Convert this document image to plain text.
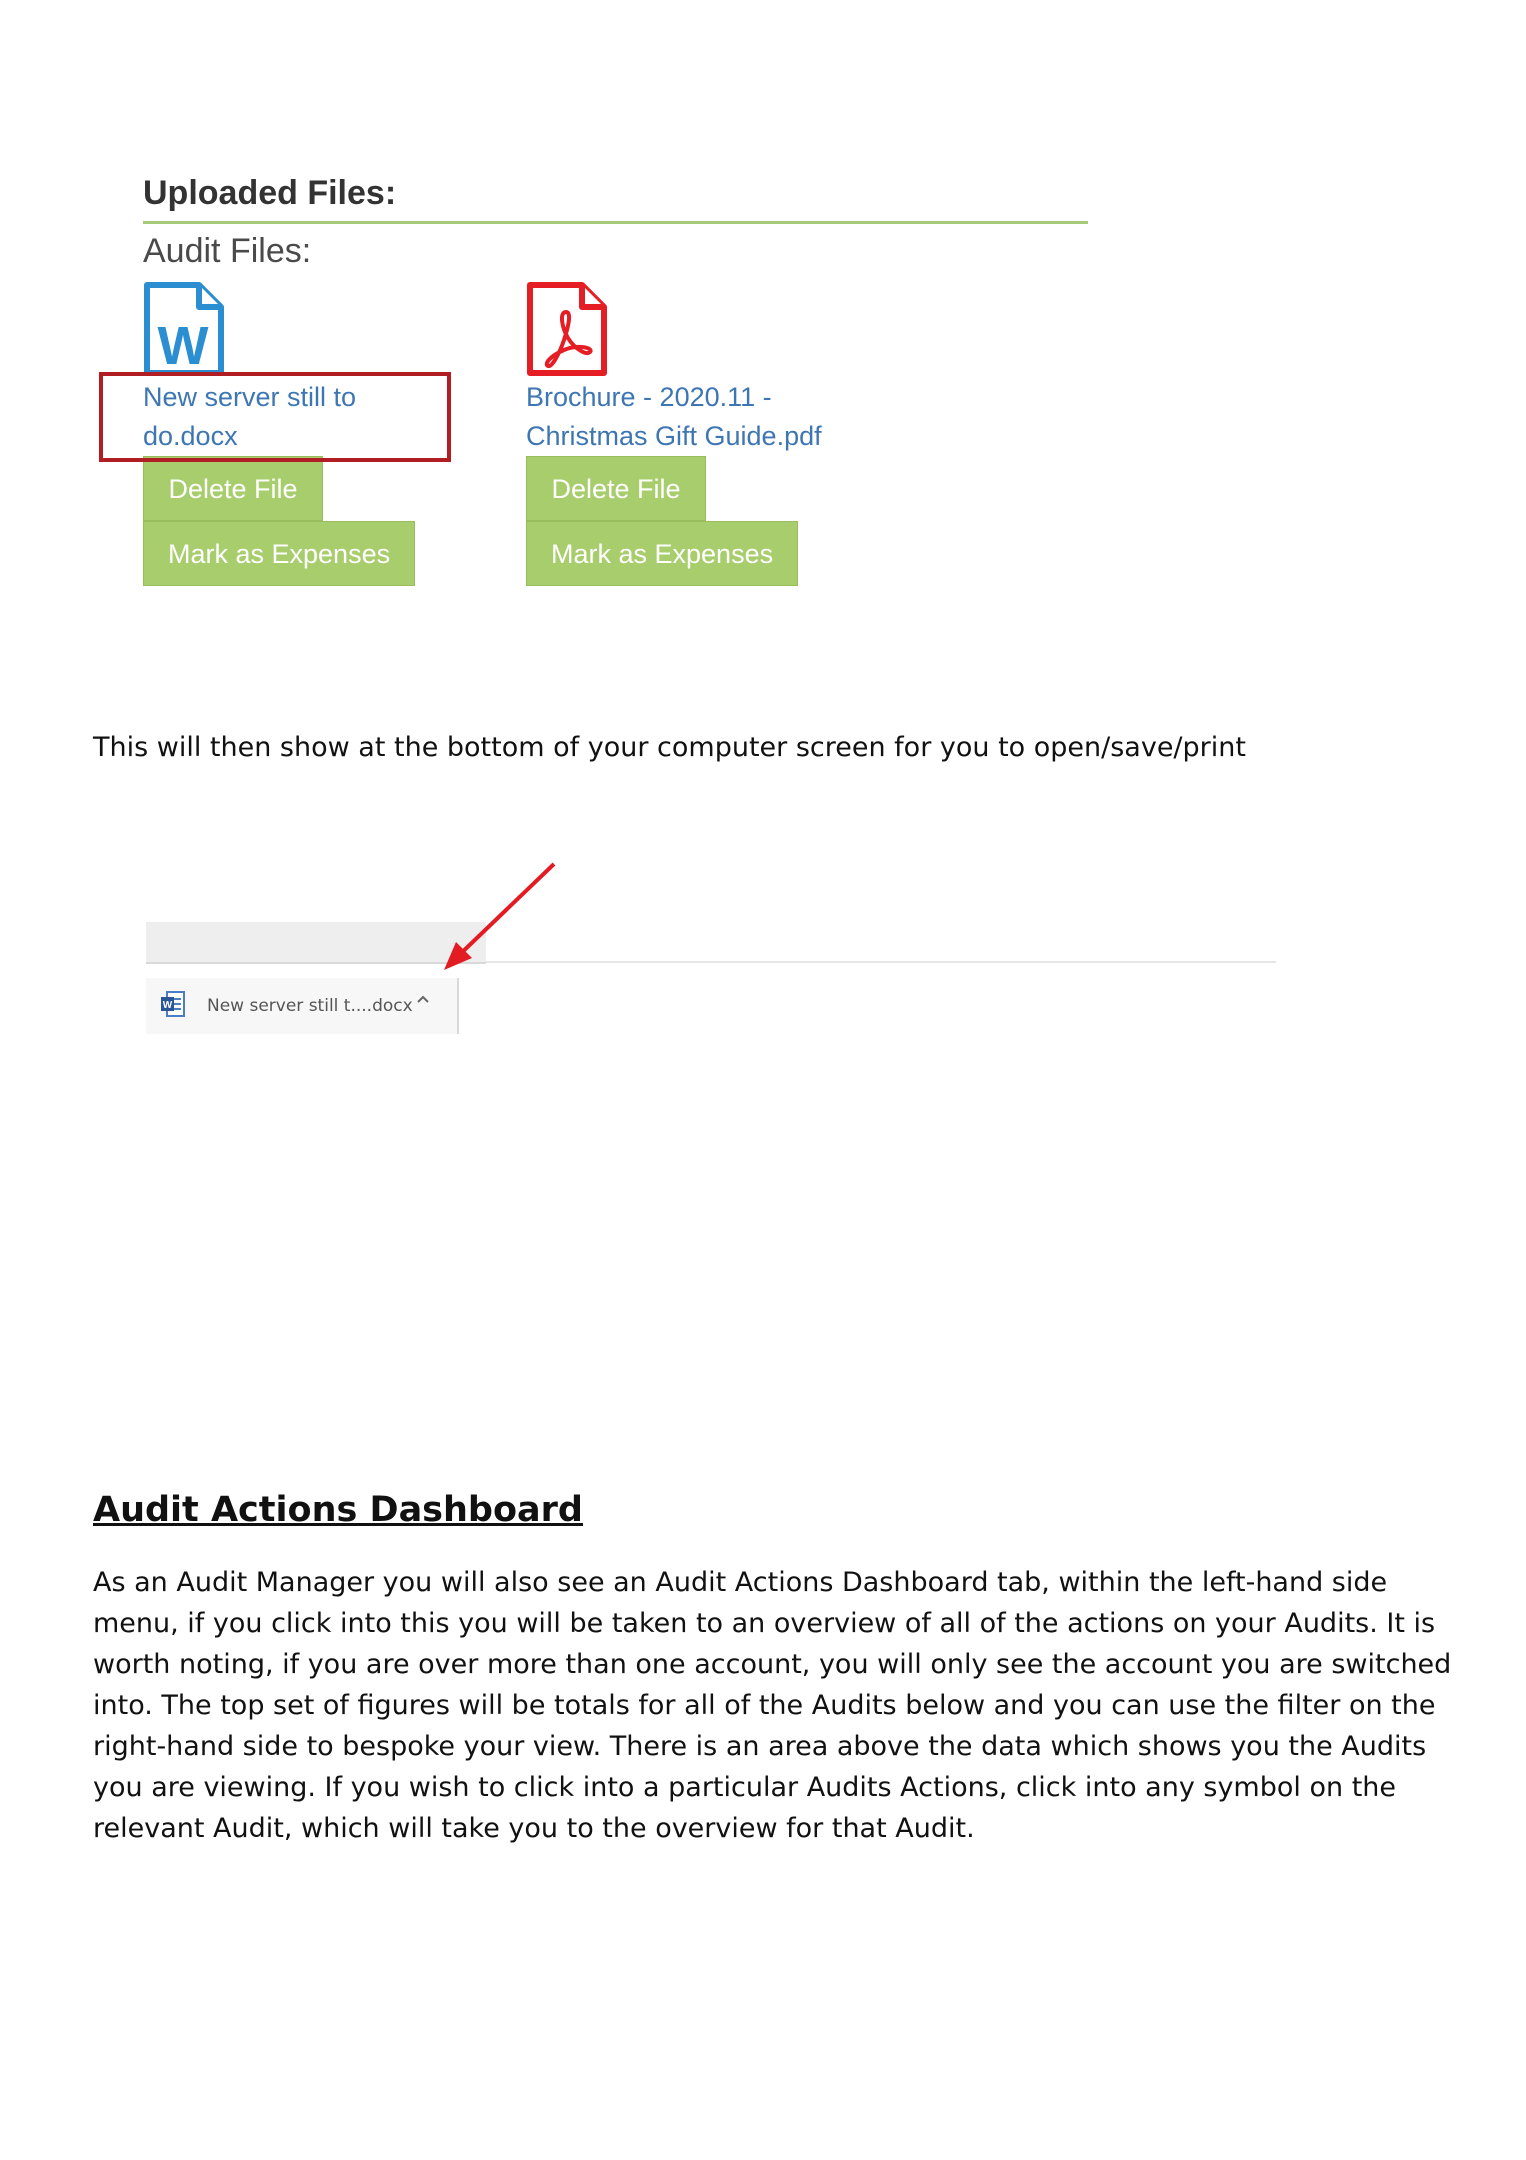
Uploaded Files:
Audit Files:
W
New server still to do.docx
Delete File
Mark as Expenses
Brochure - 2020.11 -
Christmas Gift Guide.pdf
Delete File
Mark as Expenses

This will then show at the bottom of your computer screen for you to open/save/print

W New server still t....docx
Audit Actions Dashboard

As an Audit Manager you will also see an Audit Actions Dashboard tab, within the left-hand side menu, if you click into this you will be taken to an overview of all of the actions on your Audits. It is worth noting, if you are over more than one account, you will only see the account you are switched into. The top set of figures will be totals for all of the Audits below and you can use the filter on the right-hand side to bespoke your view. There is an area above the data which shows you the Audits you are viewing. If you wish to click into a particular Audits Actions, click into any symbol on the relevant Audit, which will take you to the overview for that Audit.
